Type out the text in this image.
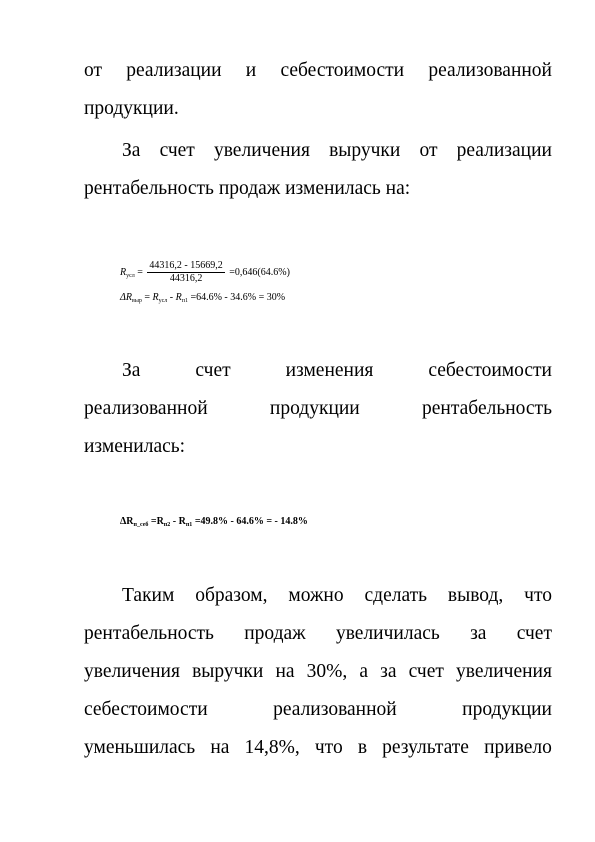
от реализации и себестоимости реализованной
продукции.
За счет увеличения выручки от реализации
рентабельность продаж изменилась на:
$R_{усл} = \frac{44316,2 - 15669,2}{44316,2} =0,646(64.6\%)$
$\Delta R_{выр} = R_{усл} - R_{п1} =64.6\% - 34.6\% = 30\%$
За	счет	изменения	себестоимости
реализованной	продукции	рентабельность
изменилась:
$\Delta R_{п\_себ} =R_{п2} - R_{п1} =49.8\% - 64.6\%$ = - 14.8%
Таким образом, можно сделать вывод, что
рентабельность продаж увеличилась за счет
увеличения выручки на 30%, а за счет увеличения
себестоимости	реализованной	продукции
уменьшилась на 14,8%, что в результате привело
